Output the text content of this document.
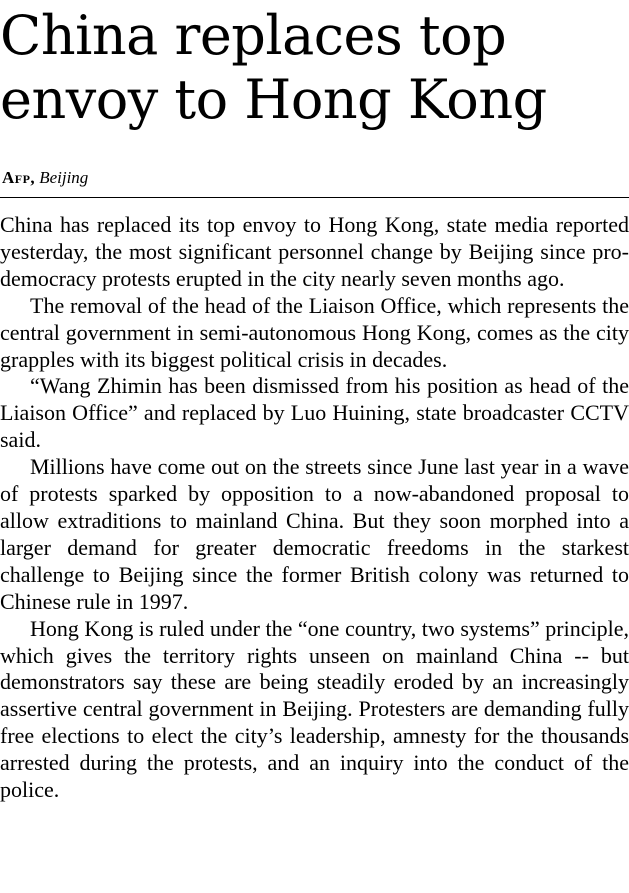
China replaces top envoy to Hong Kong
Afp, Beijing

China has replaced its top envoy to Hong Kong, state media reported yesterday, the most significant personnel change by Beijing since pro-democracy protests erupted in the city nearly seven months ago.

The removal of the head of the Liaison Office, which represents the central government in semi-autonomous Hong Kong, comes as the city grapples with its biggest political crisis in decades.

“Wang Zhimin has been dismissed from his position as head of the Liaison Office” and replaced by Luo Huining, state broadcaster CCTV said.

Millions have come out on the streets since June last year in a wave of protests sparked by opposition to a now-abandoned proposal to allow extraditions to mainland China. But they soon morphed into a larger demand for greater democratic freedoms in the starkest challenge to Beijing since the former British colony was returned to Chinese rule in 1997.

Hong Kong is ruled under the “one country, two systems” principle, which gives the territory rights unseen on mainland China -- but demonstrators say these are being steadily eroded by an increasingly assertive central government in Beijing. Protesters are demanding fully free elections to elect the city’s leadership, amnesty for the thousands arrested during the protests, and an inquiry into the conduct of the police.
